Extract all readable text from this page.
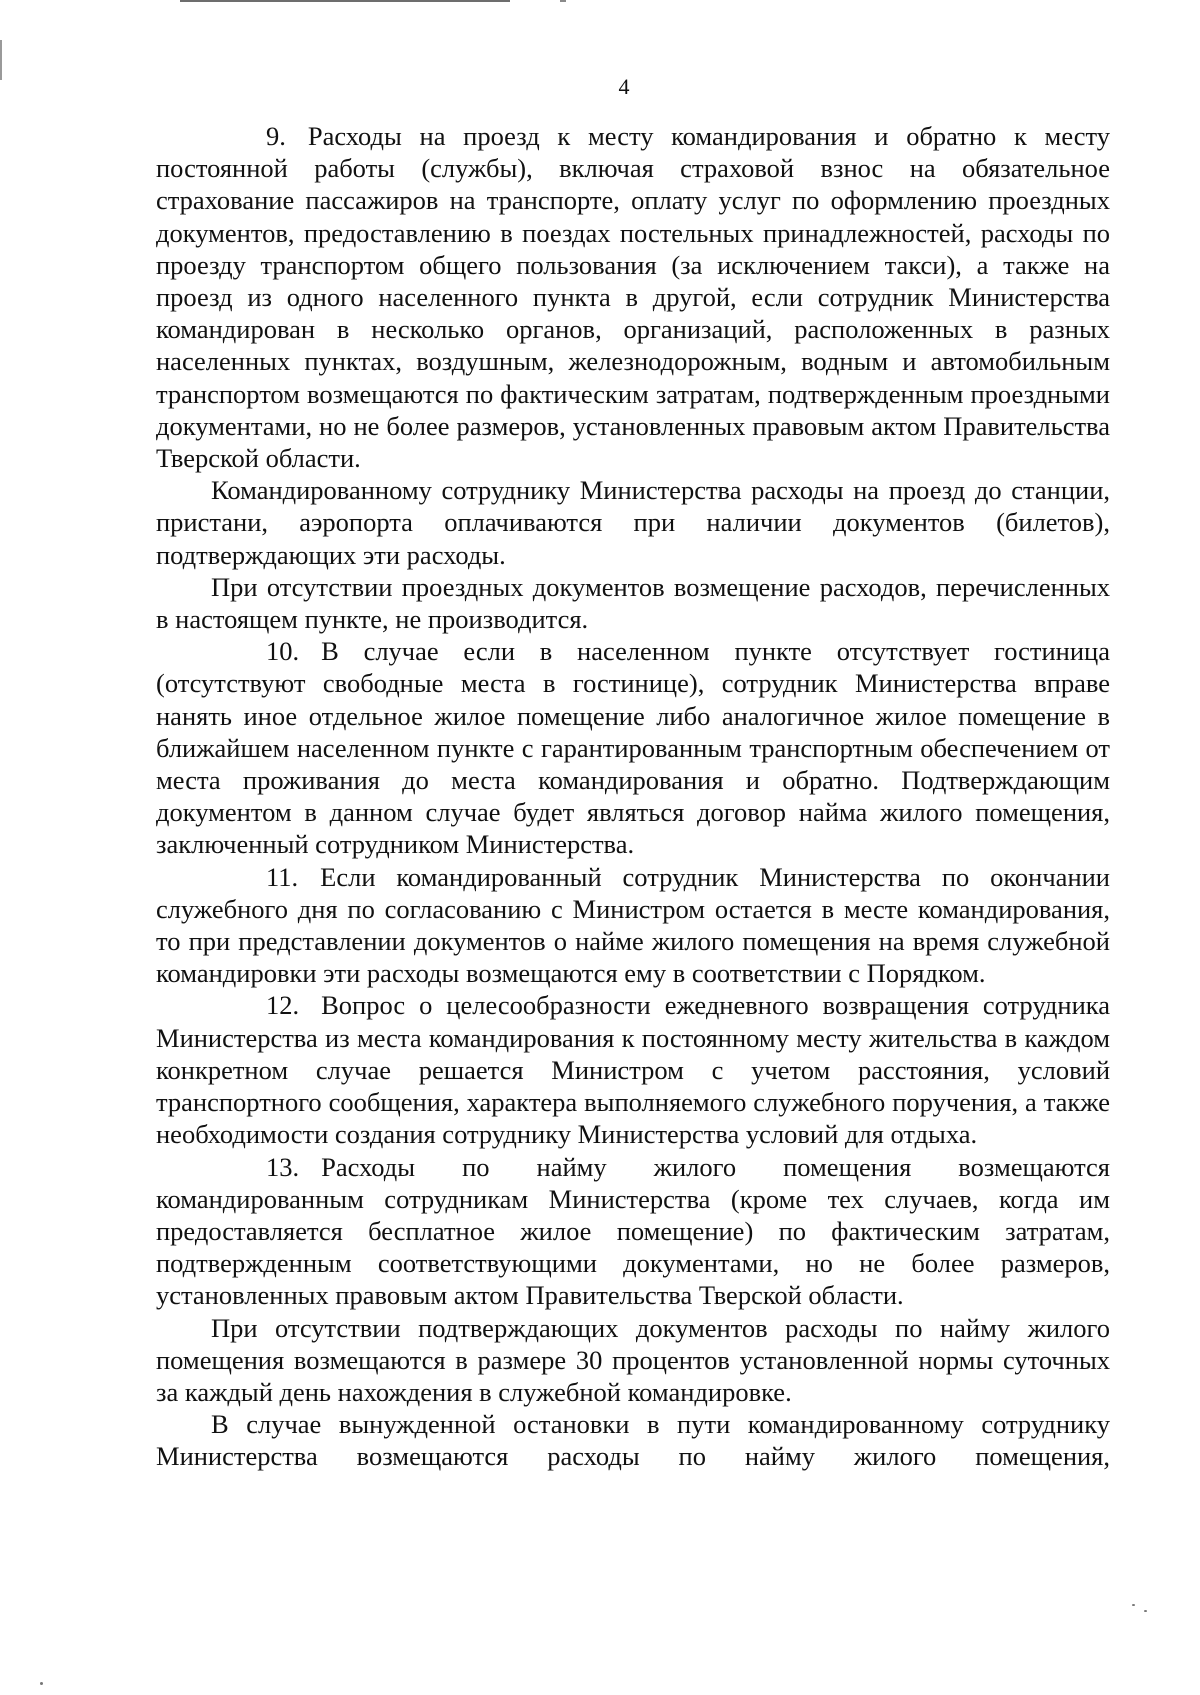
4

9. Расходы на проезд к месту командирования и обратно к месту постоянной работы (службы), включая страховой взнос на обязательное страхование пассажиров на транспорте, оплату услуг по оформлению проездных документов, предоставлению в поездах постельных принадлежностей, расходы по проезду транспортом общего пользования (за исключением такси), а также на проезд из одного населенного пункта в другой, если сотрудник Министерства командирован в несколько органов, организаций, расположенных в разных населенных пунктах, воздушным, железнодорожным, водным и автомобильным транспортом возмещаются по фактическим затратам, подтвержденным проездными документами, но не более размеров, установленных правовым актом Правительства Тверской области.

Командированному сотруднику Министерства расходы на проезд до станции, пристани, аэропорта оплачиваются при наличии документов (билетов), подтверждающих эти расходы.

При отсутствии проездных документов возмещение расходов, перечисленных в настоящем пункте, не производится.

10. В случае если в населенном пункте отсутствует гостиница (отсутствуют свободные места в гостинице), сотрудник Министерства вправе нанять иное отдельное жилое помещение либо аналогичное жилое помещение в ближайшем населенном пункте с гарантированным транспортным обеспечением от места проживания до места командирования и обратно. Подтверждающим документом в данном случае будет являться договор найма жилого помещения, заключенный сотрудником Министерства.

11. Если командированный сотрудник Министерства по окончании служебного дня по согласованию с Министром остается в месте командирования, то при представлении документов о найме жилого помещения на время служебной командировки эти расходы возмещаются ему в соответствии с Порядком.

12. Вопрос о целесообразности ежедневного возвращения сотрудника Министерства из места командирования к постоянному месту жительства в каждом конкретном случае решается Министром с учетом расстояния, условий транспортного сообщения, характера выполняемого служебного поручения, а также необходимости создания сотруднику Министерства условий для отдыха.

13. Расходы по найму жилого помещения возмещаются командированным сотрудникам Министерства (кроме тех случаев, когда им предоставляется бесплатное жилое помещение) по фактическим затратам, подтвержденным соответствующими документами, но не более размеров, установленных правовым актом Правительства Тверской области.

При отсутствии подтверждающих документов расходы по найму жилого помещения возмещаются в размере 30 процентов установленной нормы суточных за каждый день нахождения в служебной командировке.

В случае вынужденной остановки в пути командированному сотруднику Министерства возмещаются расходы по найму жилого помещения,
